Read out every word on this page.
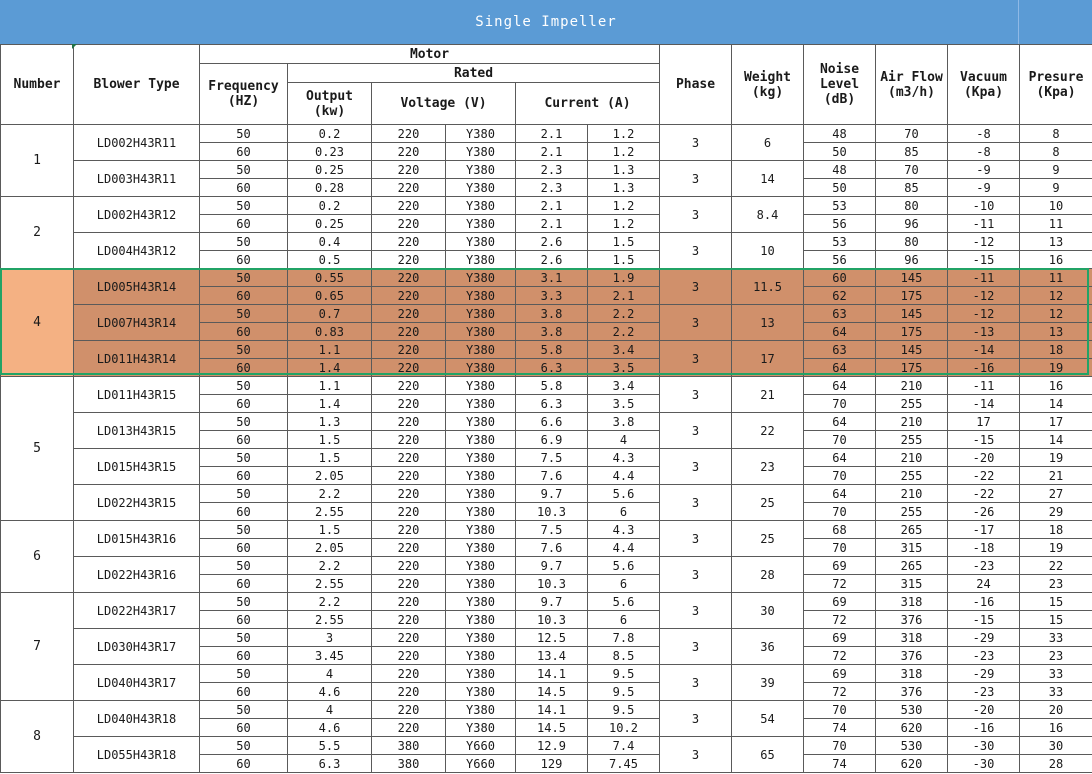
Single Impeller
Number	Blower Type	Motor						Phase	Weight (kg)	Noise Level (dB)	Air Flow (m3/h)	Vacuum (Kpa)	Presure (Kpa)
		Frequency (HZ)	Rated										
			Output (kw)	Voltage (V)		Current (A)							
1	LD002H43R11	50	0.2	220	Y380	2.1	1.2	3	6	48	70	-8	8
		60	0.23	220	Y380	2.1	1.2			50	85	-8	8
	LD003H43R11	50	0.25	220	Y380	2.3	1.3	3	14	48	70	-9	9
		60	0.28	220	Y380	2.3	1.3			50	85	-9	9
2	LD002H43R12	50	0.2	220	Y380	2.1	1.2	3	8.4	53	80	-10	10
		60	0.25	220	Y380	2.1	1.2			56	96	-11	11
	LD004H43R12	50	0.4	220	Y380	2.6	1.5	3	10	53	80	-12	13
		60	0.5	220	Y380	2.6	1.5			56	96	-15	16
4	LD005H43R14	50	0.55	220	Y380	3.1	1.9	3	11.5	60	145	-11	11
		60	0.65	220	Y380	3.3	2.1			62	175	-12	12
	LD007H43R14	50	0.7	220	Y380	3.8	2.2	3	13	63	145	-12	12
		60	0.83	220	Y380	3.8	2.2			64	175	-13	13
	LD011H43R14	50	1.1	220	Y380	5.8	3.4	3	17	63	145	-14	18
		60	1.4	220	Y380	6.3	3.5			64	175	-16	19
5	LD011H43R15	50	1.1	220	Y380	5.8	3.4	3	21	64	210	-11	16
		60	1.4	220	Y380	6.3	3.5			70	255	-14	14
	LD013H43R15	50	1.3	220	Y380	6.6	3.8	3	22	64	210	17	17
		60	1.5	220	Y380	6.9	4			70	255	-15	14
	LD015H43R15	50	1.5	220	Y380	7.5	4.3	3	23	64	210	-20	19
		60	2.05	220	Y380	7.6	4.4			70	255	-22	21
	LD022H43R15	50	2.2	220	Y380	9.7	5.6	3	25	64	210	-22	27
		60	2.55	220	Y380	10.3	6			70	255	-26	29
6	LD015H43R16	50	1.5	220	Y380	7.5	4.3	3	25	68	265	-17	18
		60	2.05	220	Y380	7.6	4.4			70	315	-18	19
	LD022H43R16	50	2.2	220	Y380	9.7	5.6	3	28	69	265	-23	22
		60	2.55	220	Y380	10.3	6			72	315	24	23
7	LD022H43R17	50	2.2	220	Y380	9.7	5.6	3	30	69	318	-16	15
		60	2.55	220	Y380	10.3	6			72	376	-15	15
	LD030H43R17	50	3	220	Y380	12.5	7.8	3	36	69	318	-29	33
		60	3.45	220	Y380	13.4	8.5			72	376	-23	23
	LD040H43R17	50	4	220	Y380	14.1	9.5	3	39	69	318	-29	33
		60	4.6	220	Y380	14.5	9.5			72	376	-23	33
8	LD040H43R18	50	4	220	Y380	14.1	9.5	3	54	70	530	-20	20
		60	4.6	220	Y380	14.5	10.2			74	620	-16	16
	LD055H43R18	50	5.5	380	Y660	12.9	7.4	3	65	70	530	-30	30
		60	6.3	380	Y660	129	7.45			74	620	-30	28
